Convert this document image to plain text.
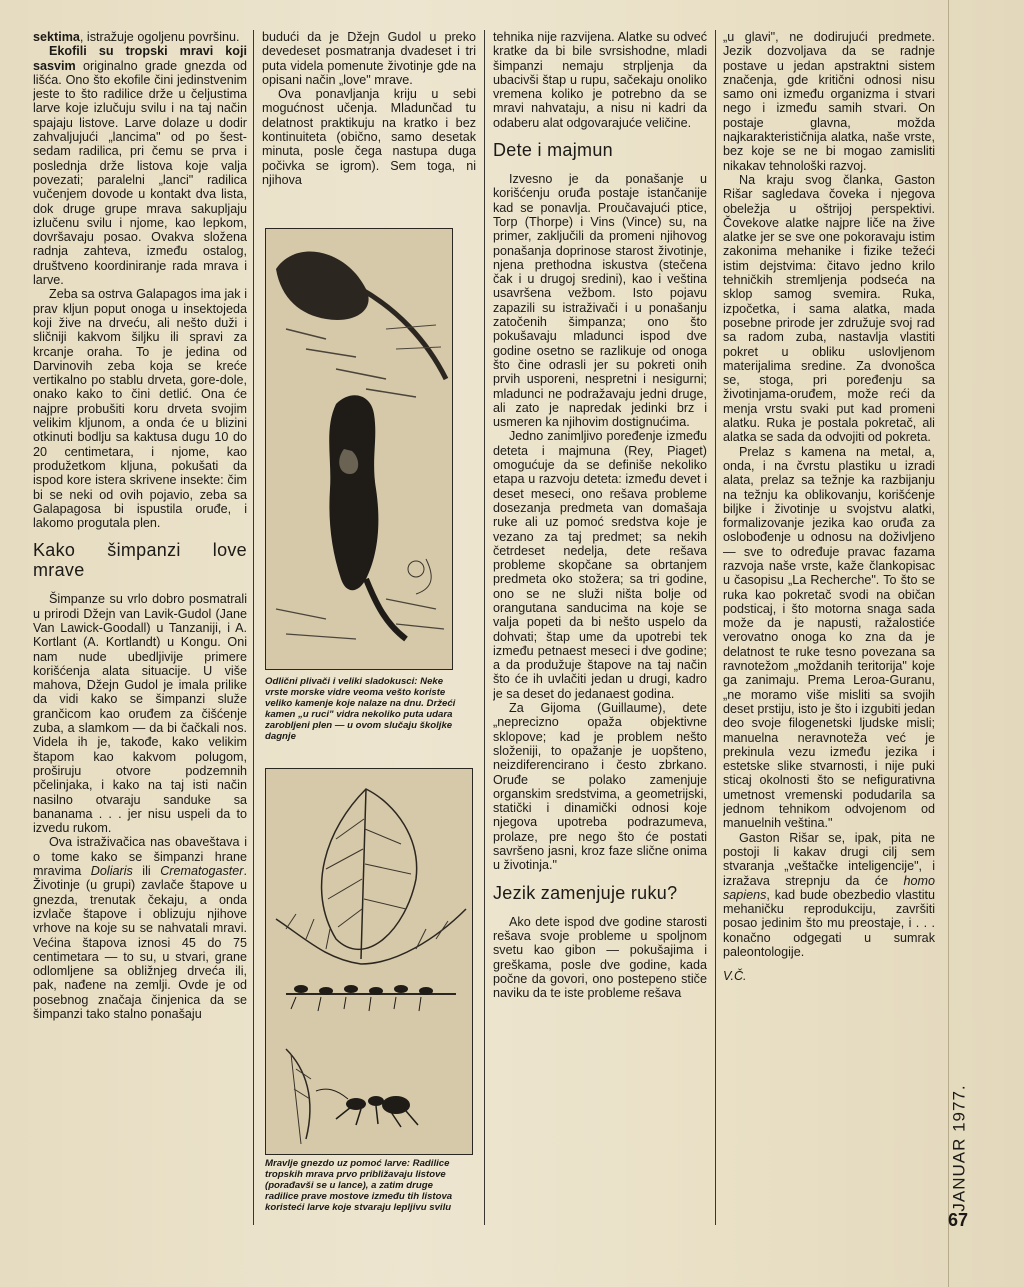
sektima, istražuje ogoljenu površinu.

Ekofili su tropski mravi koji sasvim originalno grade gnezda od lišća. Ono što ekofile čini jedinstvenim jeste to što radilice drže u čeljustima larve koje izlučuju svilu i na taj način spajaju listove. Larve dolaze u dodir zahvaljujući „lancima" od po šest-sedam radilica, pri čemu se prva i poslednja drže listova koje valja povezati; paralelni „lanci" radilica vučenjem dovode u kontakt dva lista, dok druge grupe mrava sakupljaju izlučenu svilu i njome, kao lepkom, dovršavaju posao. Ovakva složena radnja zahteva, između ostalog, društveno koordiniranje rada mrava i larve.

Zeba sa ostrva Galapagos ima jak i prav kljun poput onoga u insektojeda koji žive na drveću, ali nešto duži i sličniji kakvom šiljku ili spravi za krcanje oraha. To je jedina od Darvinovih zeba koja se kreće vertikalno po stablu drveta, gore-dole, onako kako to čini detlić. Ona će najpre probušiti koru drveta svojim velikim kljunom, a onda će u blizini otkinuti bodlju sa kaktusa dugu 10 do 20 centimetara, i njome, kao produžetkom kljuna, pokušati da ispod kore istera skrivene insekte: čim bi se neki od ovih pojavio, zeba sa Galapagosa bi ispustila oruđe, i lakomo progutala plen.

Kako šimpanzi love mrave

Šimpanze su vrlo dobro posmatrali u prirodi Džejn van Lavik-Gudol (Jane Van Lawick-Goodall) u Tanzaniji, i A. Kortlant (A. Kortlandt) u Kongu. Oni nam nude ubedljivije primere korišćenja alata situacije. U više mahova, Džejn Gudol je imala prilike da vidi kako se šimpanzi služe grančicom kao oruđem za čišćenje zuba, a slamkom — da bi čačkali nos. Videla ih je, takođe, kako velikim štapom kao kakvom polugom, proširuju otvore podzemnih pčelinjaka, i kako na taj isti način nasilno otvaraju sanduke sa bananama . . . jer nisu uspeli da to izvedu rukom.

Ova istraživačica nas obaveštava i o tome kako se šimpanzi hrane mravima Doliaris ili Crematogaster. Životinje (u grupi) zavlače štapove u gnezda, trenutak čekaju, a onda izvlače štapove i oblizuju njihove vrhove na koje su se nahvatali mravi. Većina štapova iznosi 45 do 75 centimetara — to su, u stvari, grane odlomljene sa obližnjeg drveća ili, pak, nađene na zemlji. Ovde je od posebnog značaja činjenica da se šimpanzi tako stalno ponašaju

budući da je Džejn Gudol u preko devedeset posmatranja dvadeset i tri puta videla pomenute životinje gde na opisani način „love" mrave.

Ova ponavljanja kriju u sebi mogućnost učenja. Mladunčad tu delatnost praktikuju na kratko i bez kontinuiteta (obično, samo desetak minuta, posle čega nastupa duga počivka se igrom). Sem toga, ni njihova

Odlični plivači i veliki sladokusci: Neke vrste morske vidre veoma vešto koriste veliko kamenje koje nalaze na dnu. Držeći kamen „u ruci" vidra nekoliko puta udara zarobljeni plen — u ovom slučaju školjke dagnje
Mravlje gnezdo uz pomoć larve: Radilice tropskih mrava prvo približavaju listove (porađavši se u lance), a zatim druge radilice prave mostove između tih listova koristeći larve koje stvaraju lepljivu svilu

tehnika nije razvijena. Alatke su odveć kratke da bi bile svrsishodne, mladi šimpanzi nemaju strpljenja da ubacivši štap u rupu, sačekaju onoliko vremena koliko je potrebno da se mravi nahvataju, a nisu ni kadri da odaberu alat odgovarajuće veličine.

Dete i majmun

Izvesno je da ponašanje u korišćenju oruđa postaje istančanije kad se ponavlja. Proučavajući ptice, Torp (Thorpe) i Vins (Vince) su, na primer, zaključili da promeni njihovog ponašanja doprinose starost životinje, njena prethodna iskustva (stečena čak i u drugoj sredini), kao i veština usavršena vežbom. Isto pojavu zapazili su istraživači i u ponašanju zatočenih šimpanza; ono što pokušavaju mladunci ispod dve godine osetno se razlikuje od onoga što čine odrasli jer su pokreti onih prvih usporeni, nespretni i nesigurni; mladunci ne podražavaju jedni druge, ali zato je napredak jedinki brz i usmeren ka njihovim dostignućima.

Jedno zanimljivo poređenje između deteta i majmuna (Rey, Piaget) omogućuje da se definiše nekoliko etapa u razvoju deteta: između devet i deset meseci, ono rešava probleme dosezanja predmeta van domašaja ruke ali uz pomoć sredstva koje je vezano za taj predmet; sa nekih četrdeset nedelja, dete rešava probleme skopčane sa obrtanjem predmeta oko stožera; sa tri godine, ono se ne služi ništa bolje od orangutana sanducima na koje se valja popeti da bi nešto uspelo da dohvati; štap ume da upotrebi tek između petnaest meseci i dve godine; a da produžuje štapove na taj način što će ih uvlačiti jedan u drugi, kadro je sa deset do jedanaest godina.

Za Gijoma (Guillaume), dete „neprecizno opaža objektivne sklopove; kad je problem nešto složeniji, to opažanje je uopšteno, neizdiferencirano i često zbrkano. Oruđe se polako zamenjuje organskim sredstvima, a geometrijski, statički i dinamički odnosi koje njegova upotreba podrazumeva, prolaze, pre nego što će postati savršeno jasni, kroz faze slične onima u životinja."

Jezik zamenjuje ruku?

Ako dete ispod dve godine starosti rešava svoje probleme u spoljnom svetu kao gibon — pokušajima i greškama, posle dve godine, kada počne da govori, ono postepeno stiče naviku da te iste probleme rešava

„u glavi", ne dodirujući predmete. Jezik dozvoljava da se radnje postave u jedan apstraktni sistem značenja, gde kritični odnosi nisu samo oni između organizma i stvari nego i između samih stvari. On postaje glavna, možda najkarakterističnija alatka, naše vrste, bez koje se ne bi mogao zamisliti nikakav tehnološki razvoj.

Na kraju svog članka, Gaston Rišar sagledava čoveka i njegova obeležja u oštrijoj perspektivi. Čovekove alatke najpre liče na žive alatke jer se sve one pokoravaju istim zakonima mehanike i fizike težeći istim dejstvima: čitavo jedno krilo tehničkih stremljenja podseća na sklop samog svemira. Ruka, izpočetka, i sama alatka, mada posebne prirode jer združuje svoj rad sa radom zuba, nastavlja vlastiti pokret u obliku uslovljenom materijalima sredine. Za dvonošca se, stoga, pri poređenju sa životinjama-oruđem, može reći da menja vrstu svaki put kad promeni alatku. Ruka je postala pokretač, ali alatka se sada da odvojiti od pokreta.

Prelaz s kamena na metal, a, onda, i na čvrstu plastiku u izradi alata, prelaz sa težnje ka razbijanju na težnju ka oblikovanju, korišćenje biljke i životinje u svojstvu alatki, formalizovanje jezika kao oruđa za oslobođenje u odnosu na doživljeno — sve to određuje pravac fazama razvoja naše vrste, kaže člankopisac u časopisu „La Recherche". To što se ruka kao pokretač svodi na običan podsticaj, i što motorna snaga sada može da je napusti, ražalostiće verovatno onoga ko zna da je delatnost te ruke tesno povezana sa ravnotežom „moždanih teritorija" koje ga zanimaju. Prema Leroa-Guranu, „ne moramo više misliti sa svojih deset prstiju, isto je što i izgubiti jedan deo svoje filogenetski ljudske misli; manuelna neravnoteža već je prekinula vezu između jezika i estetske slike stvarnosti, i nije puki sticaj okolnosti što se nefigurativna umetnost vremenski podudarila sa jednom tehnikom odvojenom od manuelnih veština."

Gaston Rišar se, ipak, pita ne postoji li kakav drugi cilj sem stvaranja „veštačke inteligencije", i izražava strepnju da će homo sapiens, kad bude obezbedio vlastitu mehaničku reprodukciju, završiti posao jedinim što mu preostaje, i . . . konačno odgegati u sumrak paleontologije.

V.Č.
JANUAR 1977.
67
